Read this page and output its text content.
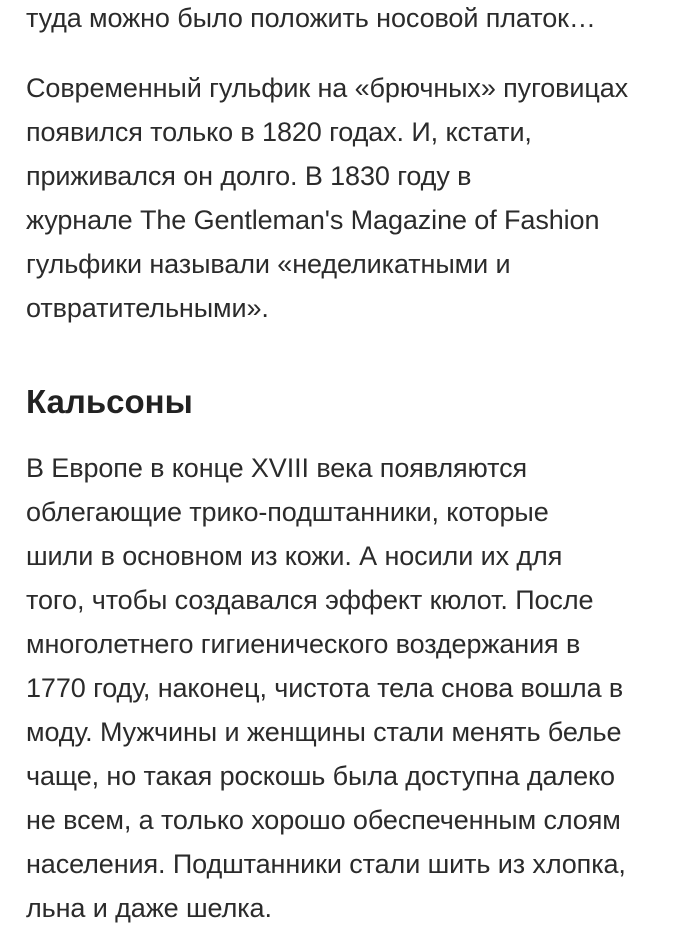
туда можно было положить носовой платок…
Современный гульфик на «брючных» пуговицах
появился только в 1820 годах. И, кстати,
приживался он долго. В 1830 году в
журнале The Gentleman's Magazine of Fashion
гульфики называли «неделикатными и
отвратительными».
Кальсоны
В Европе в конце XVIII века появляются
облегающие трико-подштанники, которые
шили в основном из кожи. А носили их для
того, чтобы создавался эффект кюлот. После
многолетнего гигиенического воздержания в
1770 году, наконец, чистота тела снова вошла в
моду. Мужчины и женщины стали менять белье
чаще, но такая роскошь была доступна далеко
не всем, а только хорошо обеспеченным слоям
населения. Подштанники стали шить из хлопка,
льна и даже шелка.
